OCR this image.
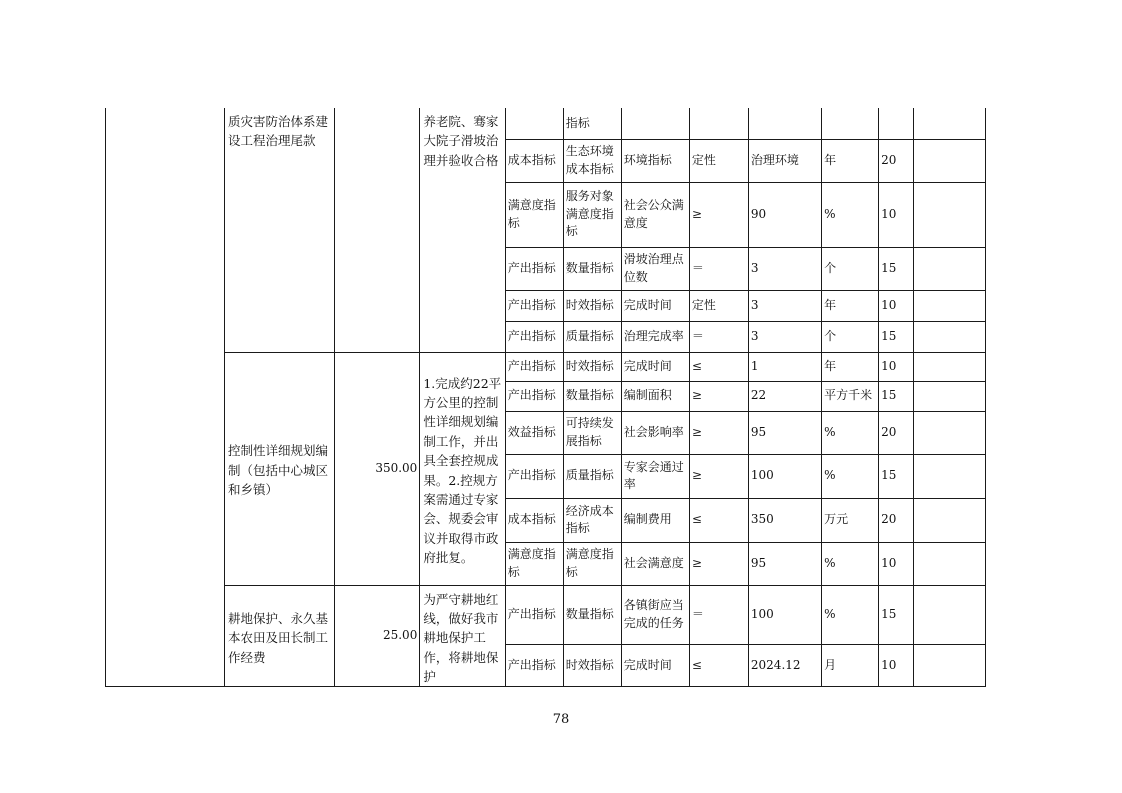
	质灾害防治体系建设工程治理尾款		养老院、骞家大院子滑坡治理并验收合格		指标						
				成本指标	生态环境成本指标	环境指标	定性	治理环境	年	20	
				满意度指标	服务对象满意度指标	社会公众满意度	≥	90	%	10	
				产出指标	数量指标	滑坡治理点位数	＝	3	个	15	
				产出指标	时效指标	完成时间	定性	3	年	10	
				产出指标	质量指标	治理完成率	＝	3	个	15	
	控制性详细规划编制（包括中心城区和乡镇）	350.00	1.完成约22平方公里的控制性详细规划编制工作，并出具全套控规成果。2.控规方案需通过专家会、规委会审议并取得市政府批复。	产出指标	时效指标	完成时间	≤	1	年	10	
				产出指标	数量指标	编制面积	≥	22	平方千米	15	
				效益指标	可持续发展指标	社会影响率	≥	95	%	20	
				产出指标	质量指标	专家会通过率	≥	100	%	15	
				成本指标	经济成本指标	编制费用	≤	350	万元	20	
				满意度指标	满意度指标	社会满意度	≥	95	%	10	
	耕地保护、永久基本农田及田长制工作经费	25.00	为严守耕地红线，做好我市耕地保护工作，将耕地保护	产出指标	数量指标	各镇街应当完成的任务	＝	100	%	15	
				产出指标	时效指标	完成时间	≤	2024.12	月	10	
78
